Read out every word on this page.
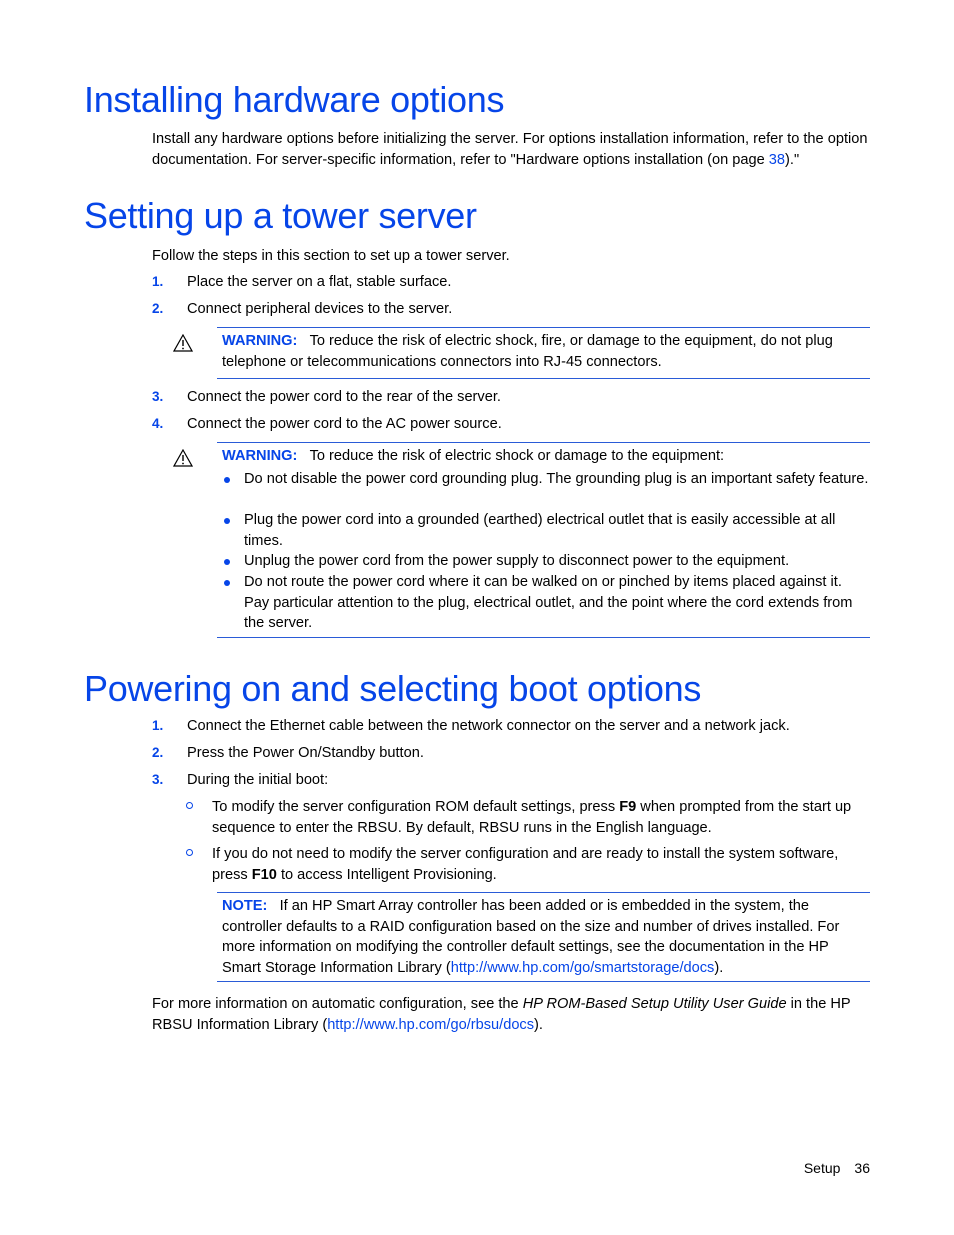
Installing hardware options
Install any hardware options before initializing the server. For options installation information, refer to the option documentation. For server-specific information, refer to "Hardware options installation (on page 38)."
Setting up a tower server
Follow the steps in this section to set up a tower server.
1. Place the server on a flat, stable surface.
2. Connect peripheral devices to the server.
WARNING: To reduce the risk of electric shock, fire, or damage to the equipment, do not plug telephone or telecommunications connectors into RJ-45 connectors.
3. Connect the power cord to the rear of the server.
4. Connect the power cord to the AC power source.
WARNING: To reduce the risk of electric shock or damage to the equipment:
Do not disable the power cord grounding plug. The grounding plug is an important safety feature.
Plug the power cord into a grounded (earthed) electrical outlet that is easily accessible at all times.
Unplug the power cord from the power supply to disconnect power to the equipment.
Do not route the power cord where it can be walked on or pinched by items placed against it. Pay particular attention to the plug, electrical outlet, and the point where the cord extends from the server.
Powering on and selecting boot options
1. Connect the Ethernet cable between the network connector on the server and a network jack.
2. Press the Power On/Standby button.
3. During the initial boot:
To modify the server configuration ROM default settings, press F9 when prompted from the start up sequence to enter the RBSU. By default, RBSU runs in the English language.
If you do not need to modify the server configuration and are ready to install the system software, press F10 to access Intelligent Provisioning.
NOTE: If an HP Smart Array controller has been added or is embedded in the system, the controller defaults to a RAID configuration based on the size and number of drives installed. For more information on modifying the controller default settings, see the documentation in the HP Smart Storage Information Library (http://www.hp.com/go/smartstorage/docs).
For more information on automatic configuration, see the HP ROM-Based Setup Utility User Guide in the HP RBSU Information Library (http://www.hp.com/go/rbsu/docs).
Setup 36
